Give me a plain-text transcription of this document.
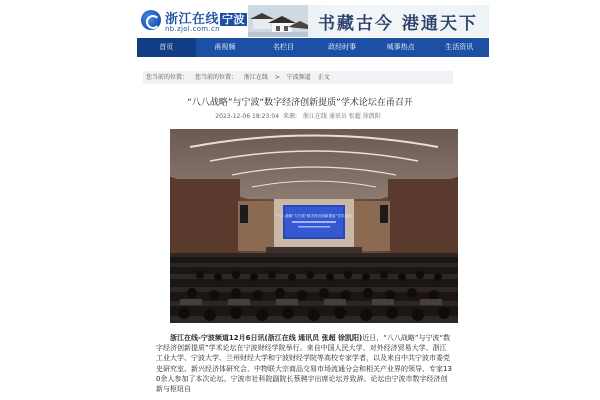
浙江在线 宁波
nb.zjol.com.cn	书藏古今 港通天下
首页	甬视频	名栏目	政经时事	城事热点	生活资讯
您当前的位置： 您当前的位置： 浙江在线 > 宁波频道 正文
“八八战略”与宁波“数字经济创新提质”学术论坛在甬召开
2023-12-06 18:23:04 来源: 浙江在线 通讯员 张超 徐凯阳
“八八战略”与宁波“数字经济创新提质”学术论坛
浙江在线-宁波频道12月6日讯(浙江在线 通讯员 张超 徐凯阳)近日，“八八战略”与宁波“数字经济创新提质”学术论坛在宁波财经学院举行。来自中国人民大学、对外经济贸易大学、浙江工业大学、宁波大学、兰州财经大学和宁波财经学院等高校专家学者，以及来自中共宁波市委党史研究室、新兴经济体研究会、中物联大宗商品交易市场流通分会和相关产业界的领导、专家130余人参加了本次论坛。宁波市社科院副院长蔡骋宇出席论坛并致辞。论坛由宁波市数字经济创新与枢纽自
